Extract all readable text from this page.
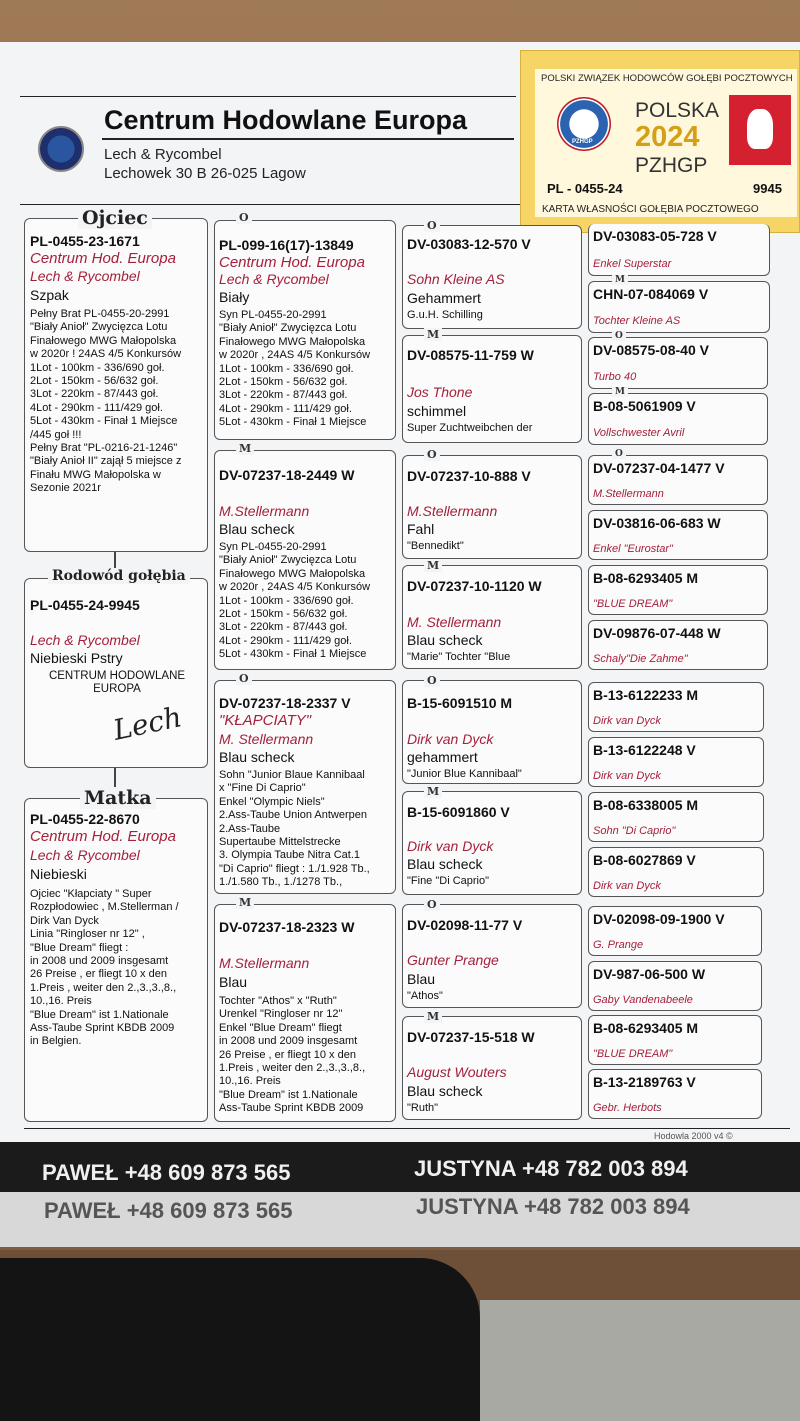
Centrum Hodowlane Europa
Lech & Rycombel
Lechowek 30 B 26-025 Lagow
POLSKI ZWIĄZEK HODOWCÓW GOŁĘBI POCZTOWYCH
PZHGP
POLSKA
2024
PZHGP
PL - 0455-24	9945
KARTA WŁASNOŚCI GOŁĘBIA POCZTOWEGO
PL-0455-23-1671
Centrum Hod. Europa
Lech & Rycombel
Szpak
Pełny Brat PL-0455-20-2991
"Biały Anioł" Zwycięzca Lotu
Finałowego MWG Małopolska
w 2020r ! 24AS 4/5 Konkursów
1Lot - 100km - 336/690 goł.
2Lot - 150km - 56/632 goł.
3Lot - 220km - 87/443 goł.
4Lot - 290km - 111/429 goł.
5Lot - 430km - Finał 1 Miejsce
/445 goł !!!
Pełny Brat "PL-0216-21-1246"
"Biały Anioł II" zajął 5 miejsce z
Finału MWG Małopolska w
Sezonie 2021r
Ojciec
PL-0455-24-9945
Lech & Rycombel
Niebieski Pstry
CENTRUM HODOWLANE
EUROPA
Lech
Rodowód gołębia
PL-0455-22-8670
Centrum Hod. Europa
Lech & Rycombel
Niebieski
Ojciec "Kłapciaty " Super
Rozpłodowiec , M.Stellerman /
Dirk Van Dyck
Linia "Ringloser nr 12" ,
"Blue Dream" fliegt :
in 2008 und 2009 insgesamt
26 Preise , er fliegt 10 x den
1.Preis , weiter den 2.,3.,3.,8.,
10.,16. Preis
"Blue Dream" ist 1.Nationale
Ass-Taube Sprint KBDB 2009
in Belgien.
Matka
PL-099-16(17)-13849
Centrum Hod. Europa
Lech & Rycombel
Biały
Syn PL-0455-20-2991
"Biały Anioł" Zwycięzca Lotu
Finałowego MWG Małopolska
w 2020r , 24AS 4/5 Konkursów
1Lot - 100km - 336/690 goł.
2Lot - 150km - 56/632 goł.
3Lot - 220km - 87/443 goł.
4Lot - 290km - 111/429 goł.
5Lot - 430km - Finał 1 Miejsce
O
DV-07237-18-2449 W
M.Stellermann
Blau scheck
Syn PL-0455-20-2991
"Biały Anioł" Zwycięzca Lotu
Finałowego MWG Małopolska
w 2020r , 24AS 4/5 Konkursów
1Lot - 100km - 336/690 goł.
2Lot - 150km - 56/632 goł.
3Lot - 220km - 87/443 goł.
4Lot - 290km - 111/429 goł.
5Lot - 430km - Finał 1 Miejsce
M
DV-07237-18-2337 V
"KŁAPCIATY"
M. Stellermann
Blau scheck
Sohn "Junior Blaue Kannibaal
x "Fine Di Caprio"
Enkel "Olympic Niels"
2.Ass-Taube Union Antwerpen
2.Ass-Taube
Supertaube Mittelstrecke
3. Olympia Taube Nitra Cat.1
"Di Caprio" fliegt : 1./1.928 Tb.,
1./1.580 Tb., 1./1278 Tb.,
O
DV-07237-18-2323 W
M.Stellermann
Blau
Tochter "Athos" x "Ruth"
Urenkel "Ringloser nr 12"
Enkel "Blue Dream" fliegt
in 2008 und 2009 insgesamt
26 Preise , er fliegt 10 x den
1.Preis , weiter den 2.,3.,3.,8.,
10.,16. Preis
"Blue Dream" ist 1.Nationale
Ass-Taube Sprint KBDB 2009
M
DV-03083-12-570 V
Sohn Kleine AS
Gehammert
G.u.H. Schilling
O
DV-08575-11-759 W
Jos Thone
schimmel
Super Zuchtweibchen der
M
DV-07237-10-888 V
M.Stellermann
Fahl
"Bennedikt"
O
DV-07237-10-1120 W
M. Stellermann
Blau scheck
"Marie" Tochter "Blue
M
B-15-6091510 M
Dirk van Dyck
gehammert
"Junior Blue Kannibaal"
O
B-15-6091860 V
Dirk van Dyck
Blau scheck
"Fine "Di Caprio"
M
DV-02098-11-77 V
Gunter Prange
Blau
"Athos"
O
DV-07237-15-518 W
August Wouters
Blau scheck
"Ruth"
M
DV-03083-05-728 V
Enkel Superstar
CHN-07-084069 V
Tochter Kleine AS
M
DV-08575-08-40 V
Turbo 40
O
B-08-5061909 V
Vollschwester Avril
M
DV-07237-04-1477 V
M.Stellermann
O
DV-03816-06-683 W
Enkel "Eurostar"
B-08-6293405 M
"BLUE DREAM"
DV-09876-07-448 W
Schaly"Die Zahme"
B-13-6122233 M
Dirk van Dyck
B-13-6122248 V
Dirk van Dyck
B-08-6338005 M
Sohn "Di Caprio"
B-08-6027869 V
Dirk van Dyck
DV-02098-09-1900 V
G. Prange
DV-987-06-500 W
Gaby Vandenabeele
B-08-6293405 M
"BLUE DREAM"
B-13-2189763 V
Gebr. Herbots
Hodowla 2000 v4 ©
PAWEŁ +48 609 873 565	JUSTYNA +48 782 003 894
PAWEŁ +48 609 873 565	JUSTYNA +48 782 003 894
